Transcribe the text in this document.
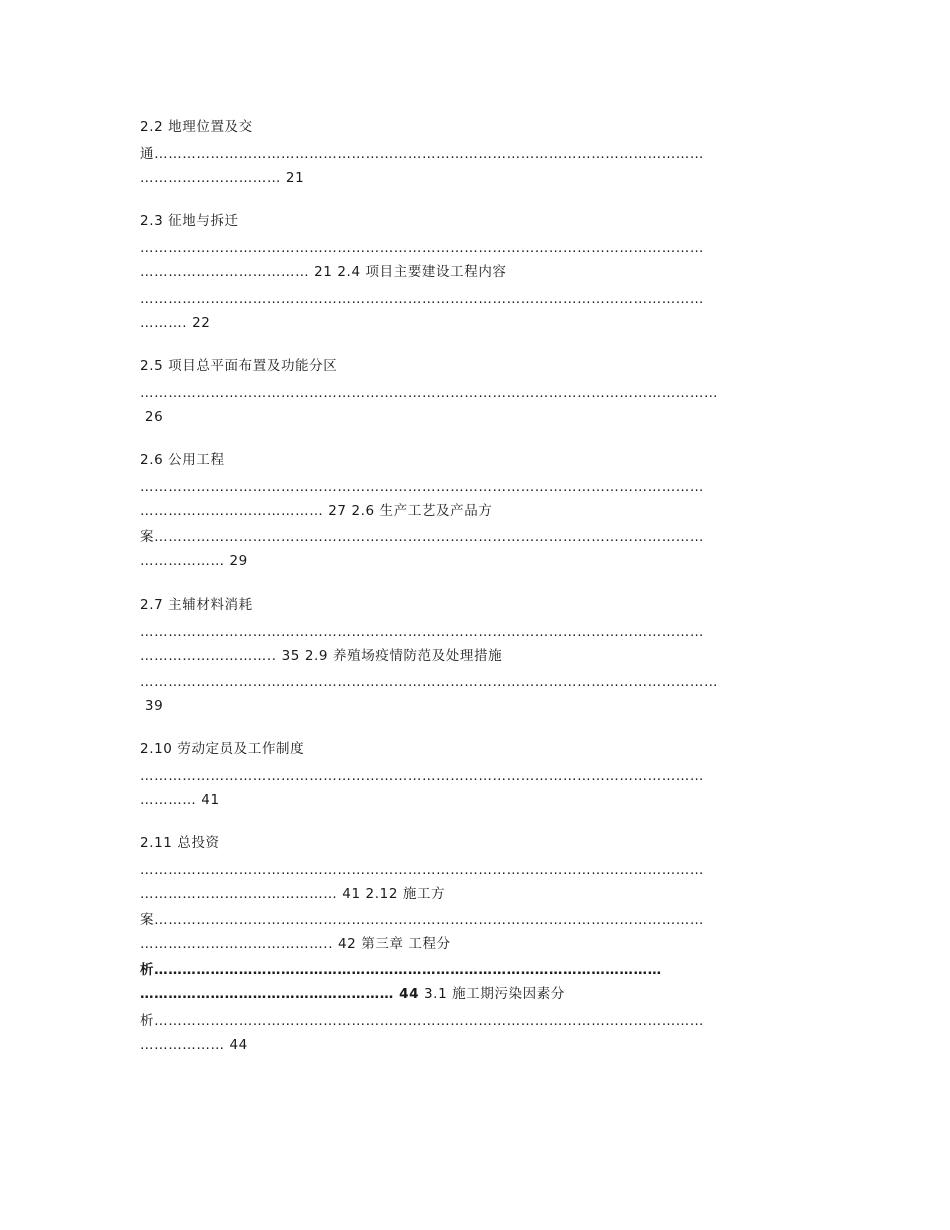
2.2 地理位置及交

通………………………………………………………………………………………………………

………………………… 21

2.3 征地与拆迁

…………………………………………………………………………………………………………

……………………………… 21 2.4 项目主要建设工程内容

…………………………………………………………………………………………………………

………. 22

2.5 项目总平面布置及功能分区

……………………………………………………………………………………………………………

26

2.6 公用工程

…………………………………………………………………………………………………………

………………………………… 27 2.6 生产工艺及产品方

案………………………………………………………………………………………………………

……………… 29

2.7 主辅材料消耗

…………………………………………………………………………………………………………

……………………….. 35 2.9 养殖场疫情防范及处理措施

……………………………………………………………………………………………………………

39

2.10 劳动定员及工作制度

…………………………………………………………………………………………………………

………… 41

2.11 总投资

…………………………………………………………………………………………………………

…………………………………… 41 2.12 施工方

案………………………………………………………………………………………………………

………………………………….. 42 第三章 工程分

析………………………………………………………………………………………………

……………………………………………… 44 3.1 施工期污染因素分

析………………………………………………………………………………………………………

……………… 44
